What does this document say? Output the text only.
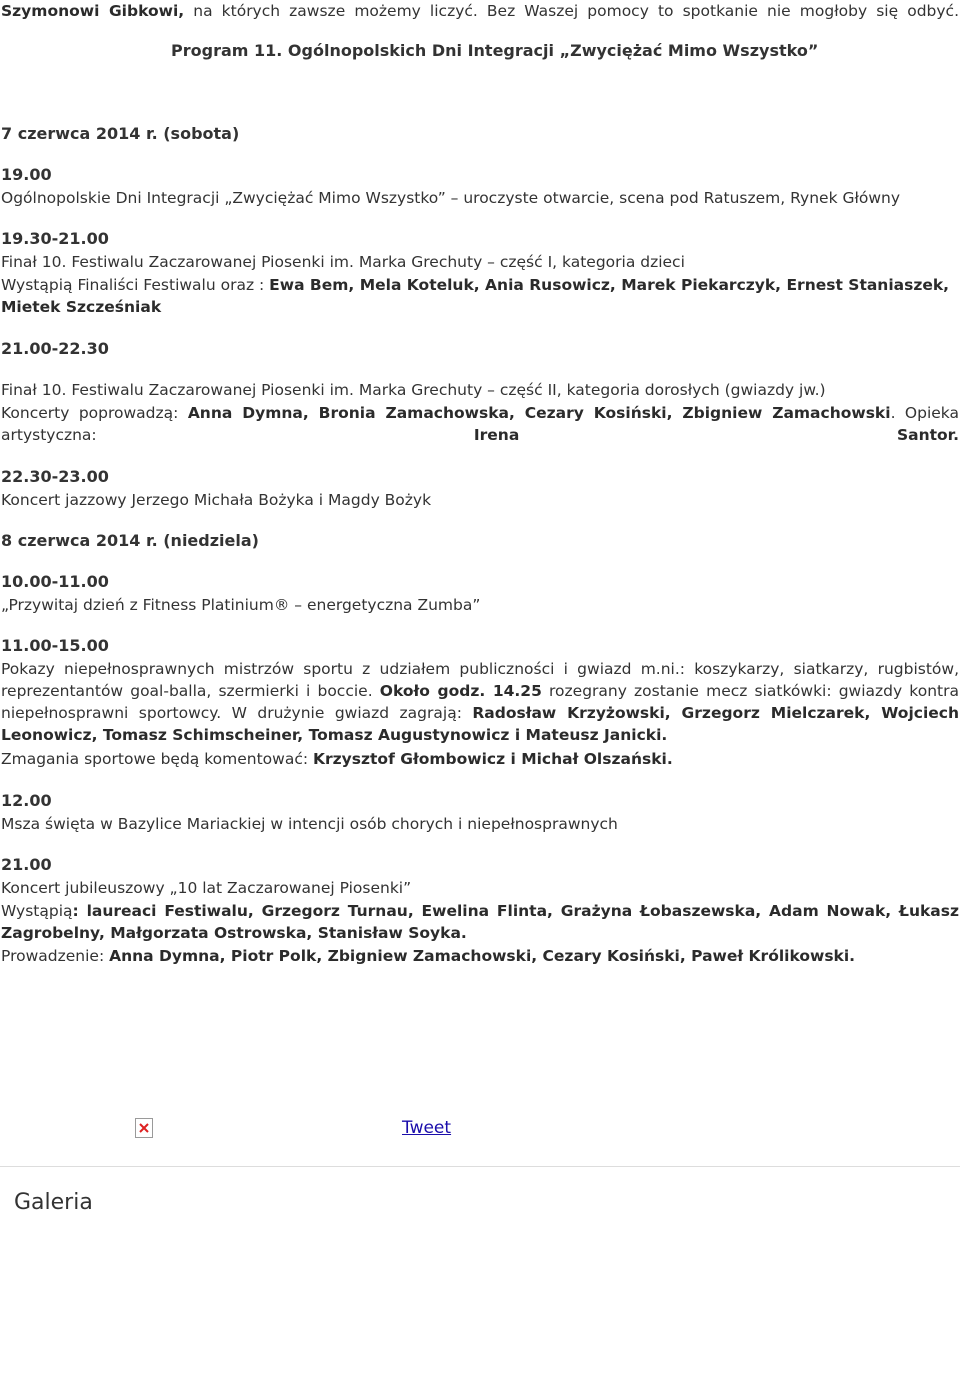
Szymonowi Gibkowi, na których zawsze możemy liczyć. Bez Waszej pomocy to spotkanie nie mogłoby się odbyć.
Program 11. Ogólnopolskich Dni Integracji „Zwyciężać Mimo Wszystko”
7 czerwca 2014 r. (sobota)
19.00
Ogólnopolskie Dni Integracji „Zwyciężać Mimo Wszystko” – uroczyste otwarcie, scena pod Ratuszem, Rynek Główny
19.30-21.00
Finał 10. Festiwalu Zaczarowanej Piosenki im. Marka Grechuty – część I, kategoria dzieci
Wystąpią Finaliści Festiwalu oraz : Ewa Bem, Mela Koteluk, Ania Rusowicz, Marek Piekarczyk, Ernest Staniaszek, Mietek Szcześniak
21.00-22.30
Finał 10. Festiwalu Zaczarowanej Piosenki im. Marka Grechuty – część II, kategoria dorosłych (gwiazdy jw.)
Koncerty poprowadzą: Anna Dymna, Bronia Zamachowska, Cezary Kosiński, Zbigniew Zamachowski. Opieka artystyczna: Irena Santor.
22.30-23.00
Koncert jazzowy Jerzego Michała Bożyka i Magdy Bożyk
8 czerwca 2014 r. (niedziela)
10.00-11.00
„Przywitaj dzień z Fitness Platinium® – energetyczna Zumba”
11.00-15.00
Pokazy niepełnosprawnych mistrzów sportu z udziałem publiczności i gwiazd m.ni.: koszykarzy, siatkarzy, rugbistów, reprezentantów goal-balla, szermierki i boccie. Około godz. 14.25 rozegrany zostanie mecz siatkówki: gwiazdy kontra niepełnosprawni sportowcy. W drużynie gwiazd zagrają: Radosław Krzyżowski, Grzegorz Mielczarek, Wojciech Leonowicz, Tomasz Schimscheiner, Tomasz Augustynowicz i Mateusz Janicki.
Zmagania sportowe będą komentować: Krzysztof Głombowicz i Michał Olszański.
12.00
Msza święta w Bazylice Mariackiej w intencji osób chorych i niepełnosprawnych
21.00
Koncert jubileuszowy „10 lat Zaczarowanej Piosenki”
Wystąpią: laureaci Festiwalu, Grzegorz Turnau, Ewelina Flinta, Grażyna Łobaszewska, Adam Nowak, Łukasz Zagrobelny, Małgorzata Ostrowska, Stanisław Soyka.
Prowadzenie: Anna Dymna, Piotr Polk, Zbigniew Zamachowski, Cezary Kosiński, Paweł Królikowski.
Tweet
Galeria
